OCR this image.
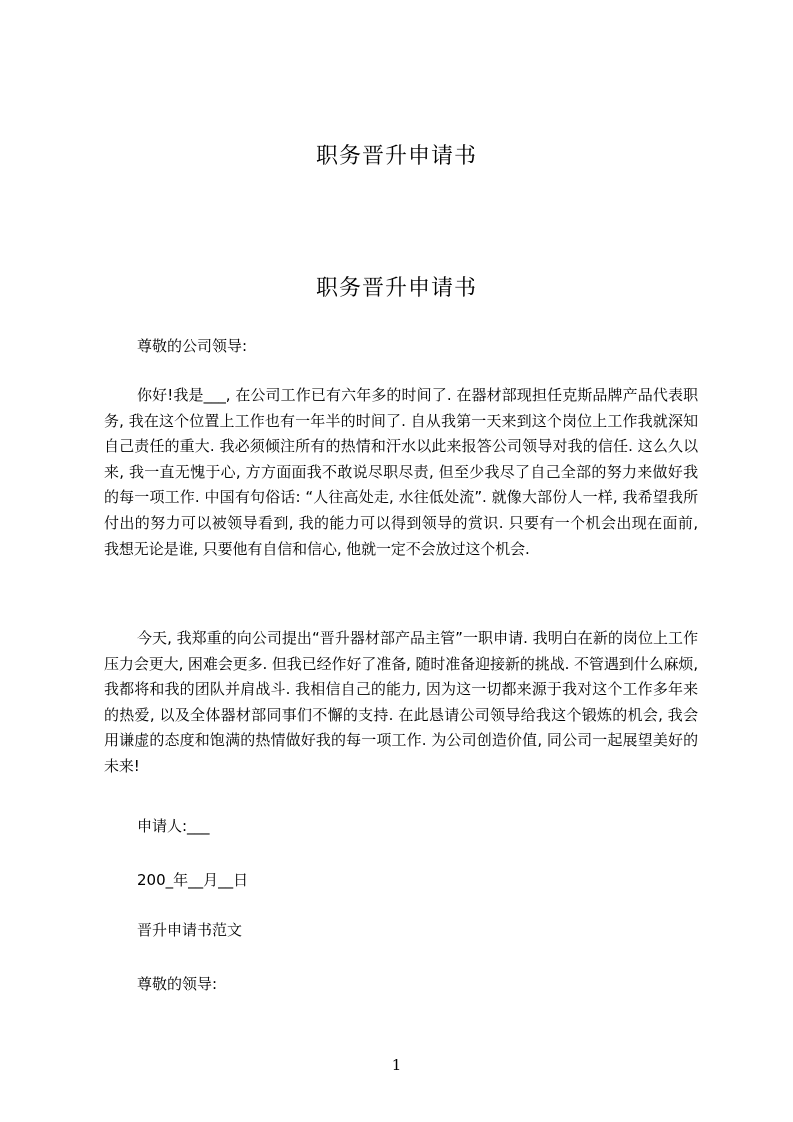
职务晋升申请书
职务晋升申请书
尊敬的公司领导:

你好!我是___, 在公司工作已有六年多的时间了. 在器材部现担任克斯品牌产品代表职务, 我在这个位置上工作也有一年半的时间了. 自从我第一天来到这个岗位上工作我就深知自己责任的重大. 我必须倾注所有的热情和汗水以此来报答公司领导对我的信任. 这么久以来, 我一直无愧于心, 方方面面我不敢说尽职尽责, 但至少我尽了自己全部的努力来做好我的每一项工作. 中国有句俗话: “人往高处走, 水往低处流”. 就像大部份人一样, 我希望我所付出的努力可以被领导看到, 我的能力可以得到领导的赏识. 只要有一个机会出现在面前, 我想无论是谁, 只要他有自信和信心, 他就一定不会放过这个机会.

今天, 我郑重的向公司提出“晋升器材部产品主管”一职申请. 我明白在新的岗位上工作压力会更大, 困难会更多. 但我已经作好了准备, 随时准备迎接新的挑战. 不管遇到什么麻烦, 我都将和我的团队并肩战斗. 我相信自己的能力, 因为这一切都来源于我对这个工作多年来的热爱, 以及全体器材部同事们不懈的支持. 在此恳请公司领导给我这个锻炼的机会, 我会用谦虚的态度和饱满的热情做好我的每一项工作. 为公司创造价值, 同公司一起展望美好的未来!

申请人:___
200_年__月__日
晋升申请书范文
尊敬的领导:
1
